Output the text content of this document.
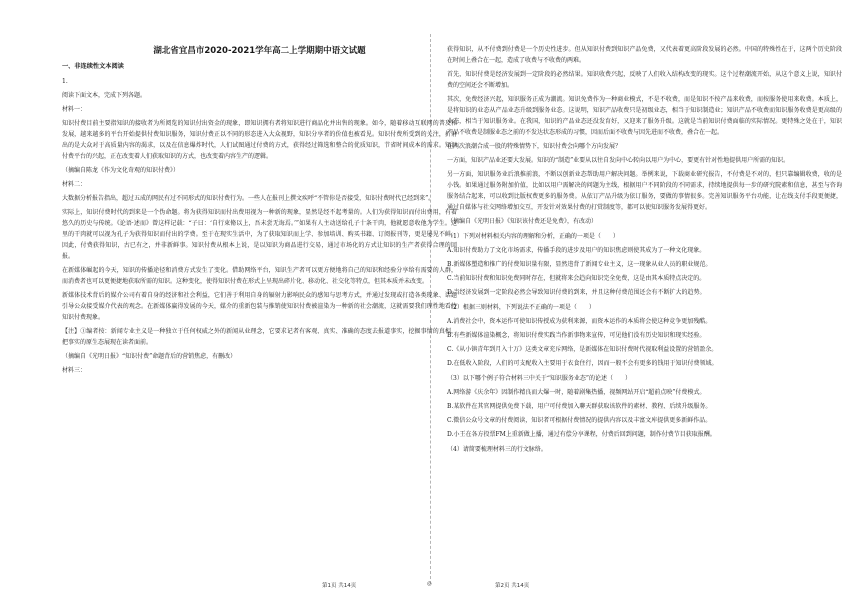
湖北省宜昌市2020-2021学年高二上学期期中语文试题
一、非连续性文本阅读

1.

阅读下面文本，完成下列各题。

材料一：

知识付费目前主要指知识的接收者为所阅览的知识付出资金的现象，即知识拥有者将知识进行商品化并出售的现象。如今，随着移动互联网的普及和发展，越来越多的平台开始提供付费知识服务，知识付费正以不同的形态进入大众视野，知识分享者的价值也被看见。知识付费所受到的关注，折射出的是大众对于高质量内容的渴求，以及在信息爆炸时代，人们试图通过付费的方式，获得经过筛选和整合的优质知识，节省时间成本的需求。知识付费平台的兴起，正在改变着人们获取知识的方式，也改变着内容生产的逻辑。

（摘编自陈龙《作为文化奇观的知识付费》）

材料二：

大数据分析报告指出，超过五成的网民有过不同形式的知识付费行为。一些人在报刊上撰文疾呼“不管你是否接受，知识付费时代已经到来”。

实际上，知识付费时代的到来是一个伪命题。将为获得知识而付出费用视为一种新的现象，显然是经不起考量的。人们为获得知识而付出费用，有着悠久的历史与传统。《论语·述而》曾这样记载：“子曰：‘自行束脩以上，吾未尝无诲焉。’”如果有人主动送给孔子十条干肉，他就愿意收他为学生。这里的干肉就可以视为孔子为获得知识而付出的学费。至于在现实生活中，为了获取知识而上学、参加培训、购买书籍、订阅报刊等，更是屡见不鲜。因此，付费获得知识，古已有之，并非新鲜事。知识付费从根本上说，是以知识为商品进行交易，通过市场化的方式让知识的生产者获得合理的回报。

在新媒体崛起的今天，知识的传播途径和消费方式发生了变化。借助网络平台，知识生产者可以更方便地将自己的知识和经验分享给有需要的人群，而消费者也可以更便捷地获取所需的知识。这种变化，使得知识付费在形式上呈现出碎片化、移动化、社交化等特点，但其本质并未改变。

新媒体技术背后的媒介公司有着自身的经济和社会利益，它们善于利用自身的辐射力影响民众的感知与思考方式，并通过发现或打造各类现象、话题引导公众接受媒介代表的观念。在新媒体赢得发展的今天，媒介的重新包装与推销使知识付费被渲染为一种新的社会潮流，这就需要我们理性地看待知识付费现象。

【注】①编者按：新闻专业主义是一种独立于任何权威之外的新闻从业理念，它要求记者有客观、真实、准确的态度去报道事实，挖掘事情的真相，把事实的原生态展现在读者面前。

（摘编自《光明日报》“知识付费”命题背后的营销焦虑，有删改）

材料三：

获得知识，从不付费到付费是一个历史性进步。但从知识付费到知识产品免费，又代表着更高阶段发展的必然。中国的特殊性在于，这两个历史阶段在时间上叠合在一起，造成了收费与不收费的两难。

首先，知识付费是经济发展到一定阶段的必然结果。知识收费兴起，反映了人们收入结构改变的现实。这个过程潮流开始，从这个意义上说，知识付费的空间还会不断增加。

其次，免费经济兴起，知识服务正成为潮流。知识免费作为一种商业模式，不是不收费，而是知识不按产品来收费，而按服务使用来收费。本质上，是将知识的业态从产品业态升级到服务业态。这说明，知识产品收费只是初级业态，相当于知识制造业；知识产品不收费而知识服务收费是更高级的业态，相当于知识服务业。在我国，知识的产品业态还没发育好，又迎来了服务升级。这就是当前知识付费面临的实际情况。更特殊之处在于，知识产品不收费是制服业态之前的不发达状态形成的习惯，因而后面不收费与因先进而不收费，叠合在一起。

在两次浪潮合成一股的特殊情势下，知识付费会向哪个方向发展？

一方面，知识产品业还要大发展。知识的“制造”业要从以往自发向中心转向以用户为中心，要更有针对性地提供用户所需的知识。

另一方面，知识服务业后浪推前浪，不断以创新业态帮助用户解决问题。举例来说，下载商业研究报告，不付费是不对的，但只靠编辑收费，收的是小钱。如果通过服务附加价值，比如以用户需解决的问题为主线，根据用户不同阶段的不同需求，持续地提供每一步的研究院素和信息，甚至与咨询服务结合起来，可以收到比版权费更多的服务费。从依订产品升级为依订服务，要做的事情很多。完善知识服务平台功能，让在线支付手段更便捷，通过自媒体与社交网络增加交互，开发针对效果付费的打赏制度等，都可以使知识服务发展得更好。

（摘编自《光明日报》《知识该付费还是免费》，有改动）

（1）下列对材料相关内容的理解和分析，正确的一项是（　　）

A.知识付费助力了文化市场需求，传播手段的进步及用户的知识焦虑则使其成为了一种文化现象。

B.新媒体塑造和推广的付费知识量有限，显然违背了新闻专业主义，这一现象从业人员的职业规范。

C.当前知识付费和知识免费同时存在，但就将来会趋向知识完全免费，这是由其本质特点决定的。

D.当经济发展到一定阶段必然会导致知识付费的到来，并且这种付费范围还会有不断扩大的趋势。

（2）根据三则材料，下列说法不正确的一项是（　　）

A.消费社会中，资本运作可使知识传授成为获利来源，而资本运作的本质将会使这种竞争更加残酷。

B.有些新媒体渲染概念，将知识付费实践当作新事物来宣传，可见他们没有历史知识和现实经验。

C.《从小镇青年到月入十万》这类文章充斥网络，是新媒体在知识付费时代视取利益设置的营销盈余。

D.在低收入阶段，人们的可支配收入主要用于衣食住行，因而一般不会有更多的钱用于知识付费领域。

（3）以下哪个例子符合材料三中关于“知识服务业态”的论述（　　）

A.网络游《庆余年》因制作精良而大爆一时，随着剧集热播，视频网站开启“超前点映”付费模式。

B.某软件在其官网提供免费下载，用户可付费加入聊天群获取该软件的素材、教程、后续升级服务。

C.微信公众号文章的付费阅读，知识者可根据付费情况的提供内容以及丰富文库提供更多新鲜作品。

D.小王在各方投票FM上重新做上播，通过有偿分享课程，付费后回到问题，制作付费节目获取报酬。

（4）请简要梳理材料三的行文脉络。

第1页 共14页	◎	第2页 共14页
